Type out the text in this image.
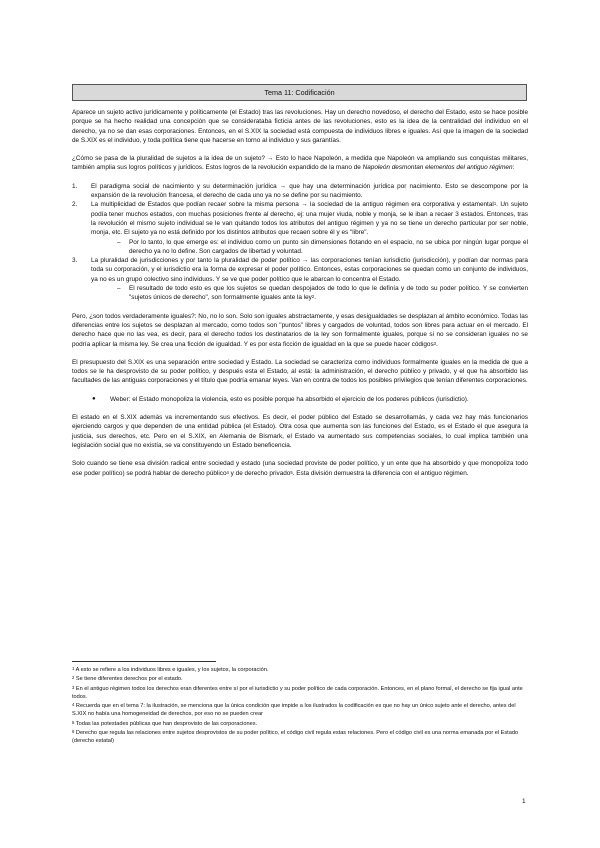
Tema 11: Codificación

Aparece un sujeto activo jurídicamente y políticamente (el Estado) tras las revoluciones. Hay un derecho novedoso, el derecho del Estado, esto se hace posible porque se ha hecho realidad una concepción que se considerataba ficticia antes de las revoluciones, esto es la idea de la centralidad del individuo en el derecho, ya no se dan esas corporaciones. Entonces, en el S.XIX la sociedad está compuesta de individuos libres e iguales. Así que la imagen de la sociedad de S.XIX es el individuo, y toda política tiene que hacerse en torno al individuo y sus garantías.

¿Cómo se pasa de la pluralidad de sujetos a la idea de un sujeto? → Esto lo hace Napoleón, a medida que Napoleón va ampliando sus conquistas militares, también amplia sus logros políticos y jurídicos. Estos logros de la revolución expandido de la mano de Napoleón desmontan elementos del antiguo régimen:

1. El paradigma social de nacimiento y su determinación jurídica → que hay una determinación jurídica por nacimiento. Esto se descompone por la expansión de la revolución francesa, el derecho de cada uno ya no se define por su nacimiento.
2. La multiplicidad de Estados que podían recaer sobre la misma persona → la sociedad de la antiguo régimen era corporativa y estamental$^1$. Un sujeto podía tener muchos estados, con muchas posiciones frente al derecho, ej: una mujer viuda, noble y monja, se le iban a recaer 3 estados. Entonces, tras la revolución el mismo sujeto individual se le van quitando todos los atributos del antiguo régimen y ya no se tiene un derecho particular por ser noble, monja, etc. El sujeto ya no está definido por los distintos atributos que recaen sobre él y es "libre".
– Por lo tanto, lo que emerge es: el individuo como un punto sin dimensiones flotando en el espacio, no se ubica por ningún lugar porque el derecho ya no lo define. Son cargados de libertad y voluntad.
3. La pluralidad de jurisdicciones y por tanto la pluralidad de poder político → las corporaciones tenían iurisdictio (jurisdicción), y podían dar normas para toda su corporación, y el iurisdictio era la forma de expresar el poder político. Entonces, estas corporaciones se quedan como un conjunto de individuos, ya no es un grupo colectivo sino individuos. Y se ve que poder político que le abarcan lo concentra el Estado.
– El resultado de todo esto es que los sujetos se quedan despojados de todo lo que le definía y de todo su poder político. Y se convierten "sujetos únicos de derecho", son formalmente iguales ante la ley$^2$.

Pero, ¿son todos verdaderamente iguales?: No, no lo son. Solo son iguales abstractamente, y esas desigualdades se desplazan al ámbito económico. Todas las diferencias entre los sujetos se desplazan al mercado, como todos son "puntos" libres y cargados de voluntad, todos son libres para actuar en el mercado. El derecho hace que no las vea, es decir, para el derecho todos los destinatarios de la ley son formalmente iguales, porque si no se consideran iguales no se podría aplicar la misma ley. Se crea una ficción de igualdad. Y es por esta ficción de igualdad en la que se puede hacer códigos$^3$.

El presupuesto del S.XIX es una separación entre sociedad y Estado. La sociedad se caracteriza como individuos formalmente iguales en la medida de que a todos se le ha desprovisto de su poder político, y después esta el Estado, al está: la administración, el derecho público y privado, y el que ha absorbido las facultades de las antiguas corporaciones y el título que podría emanar leyes. Van en contra de todos los posibles privilegios que tenían diferentes corporaciones.

● Weber: el Estado monopoliza la violencia, esto es posible porque ha absorbido el ejercicio de los poderes públicos (iurisdictio).

El estado en el S.XIX además va incrementando sus efectivos. Es decir, el poder público del Estado se desarrollamás, y cada vez hay más funcionarios ejerciendo cargos y que dependen de una entidad pública (el Estado). Otra cosa que aumenta son las funciones del Estado, es el Estado el que asegura la justicia, sus derechos, etc. Pero en el S.XIX, en Alemania de Bismark, el Estado va aumentado sus competencias sociales, lo cual implica también una legislación social que no existía, se va constituyendo un Estado beneficencia.

Solo cuando se tiene esa división radical entre sociedad y estado (una sociedad proviste de poder político, y un ente que ha absorbido y que monopoliza todo ese poder político) se podrá hablar de derecho público$^4$ y de derecho privado$^5$. Esta división demuestra la diferencia con el antiguo régimen.

$^1$ A esto se refiere a los individuos libres e iguales, y los sujetos, la corporación.
$^2$ Se tiene diferentes derechos por el estado.
$^3$ En el antiguo régimen todos los derechos eran diferentes entre sí por el iurisdictio y su poder político de cada corporación. Entonces, en el plano formal, el derecho se fija igual ante todos.
$^4$ Recuerda que en el tema 7: la ilustración, se menciona que la única condición que impide a los ilustrados la codificación es que no hay un único sujeto ante el derecho, antes del S.XIX no había una homogeneidad de derechos, por eso no se pueden crear
$^5$ Todas las potestades públicas que han desprovisto de las corporaciones.
$^6$ Derecho que regula las relaciones entre sujetos desprovistos de su poder político, el código civil regula estas relaciones. Pero el código civil es una norma emanada por el Estado (derecho estatal)
1
